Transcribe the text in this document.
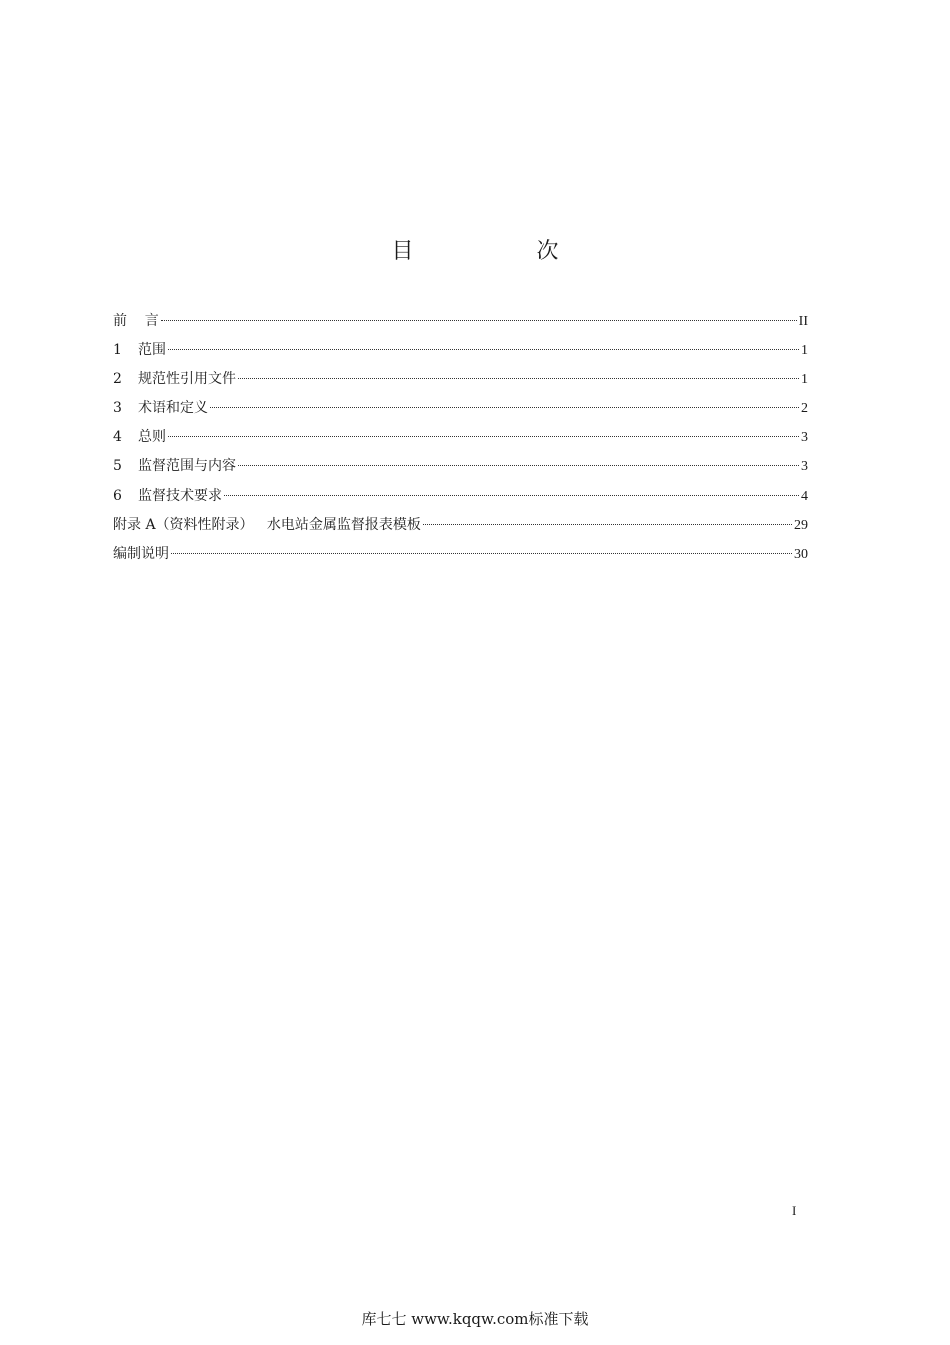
目 次
前    言	II
1	范围	1
2	规范性引用文件	1
3	术语和定义	2
4	总则	3
5	监督范围与内容	3
6	监督技术要求	4
附录 A（资料性附录）   水电站金属监督报表模板	29
编制说明	30
I
库七七 www.kqqw.com标准下载
